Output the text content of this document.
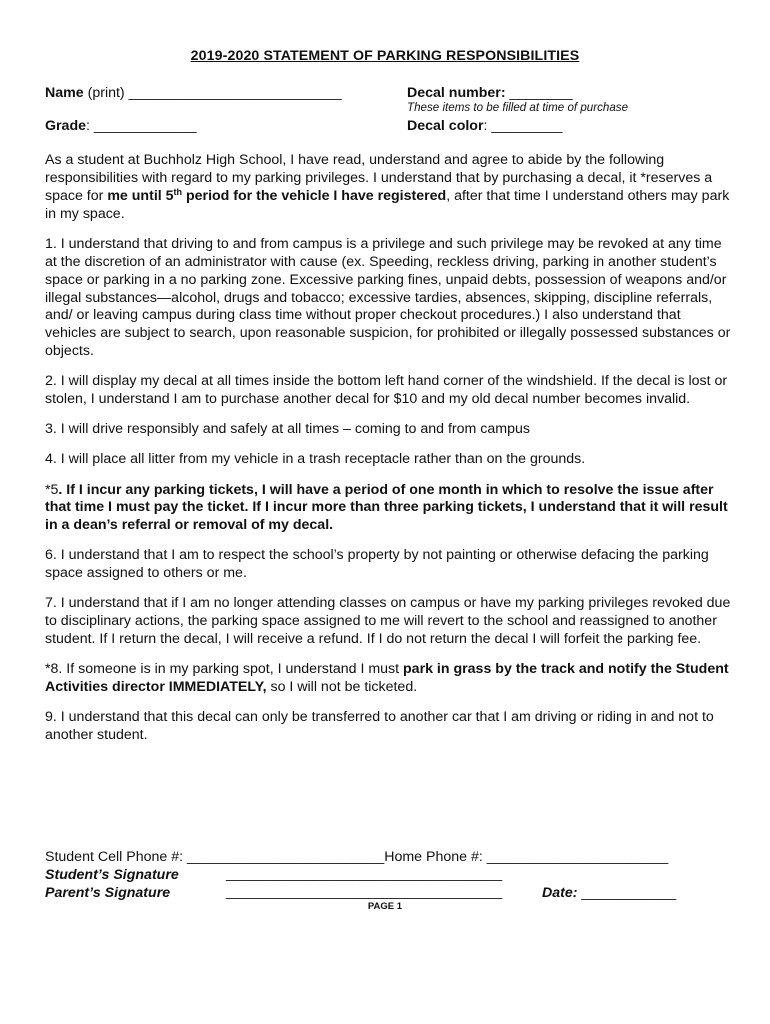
2019-2020 STATEMENT OF PARKING RESPONSIBILITIES
Name (print) ___________________________	Decal number: ________
These items to be filled at time of purchase
Grade: _____________	Decal color: _________

As a student at Buchholz High School, I have read, understand and agree to abide by the following responsibilities with regard to my parking privileges. I understand that by purchasing a decal, it *reserves a space for me until 5th period for the vehicle I have registered, after that time I understand others may park in my space.

1. I understand that driving to and from campus is a privilege and such privilege may be revoked at any time at the discretion of an administrator with cause (ex. Speeding, reckless driving, parking in another student’s space or parking in a no parking zone. Excessive parking fines, unpaid debts, possession of weapons and/or illegal substances—alcohol, drugs and tobacco; excessive tardies, absences, skipping, discipline referrals, and/ or leaving campus during class time without proper checkout procedures.) I also understand that vehicles are subject to search, upon reasonable suspicion, for prohibited or illegally possessed substances or objects.

2. I will display my decal at all times inside the bottom left hand corner of the windshield. If the decal is lost or stolen, I understand I am to purchase another decal for $10 and my old decal number becomes invalid.

3. I will drive responsibly and safely at all times – coming to and from campus

4. I will place all litter from my vehicle in a trash receptacle rather than on the grounds.

*5. If I incur any parking tickets, I will have a period of one month in which to resolve the issue after that time I must pay the ticket. If I incur more than three parking tickets, I understand that it will result in a dean’s referral or removal of my decal.

6. I understand that I am to respect the school’s property by not painting or otherwise defacing the parking space assigned to others or me.

7. I understand that if I am no longer attending classes on campus or have my parking privileges revoked due to disciplinary actions, the parking space assigned to me will revert to the school and reassigned to another student. If I return the decal, I will receive a refund. If I do not return the decal I will forfeit the parking fee.

*8. If someone is in my parking spot, I understand I must park in grass by the track and notify the Student Activities director IMMEDIATELY, so I will not be ticketed.

9. I understand that this decal can only be transferred to another car that I am driving or riding in and not to another student.

Student Cell Phone #: _________________________Home Phone #: _______________________
Student’s Signature	___________________________________
Parent’s Signature	___________________________________	Date: ____________
PAGE 1
